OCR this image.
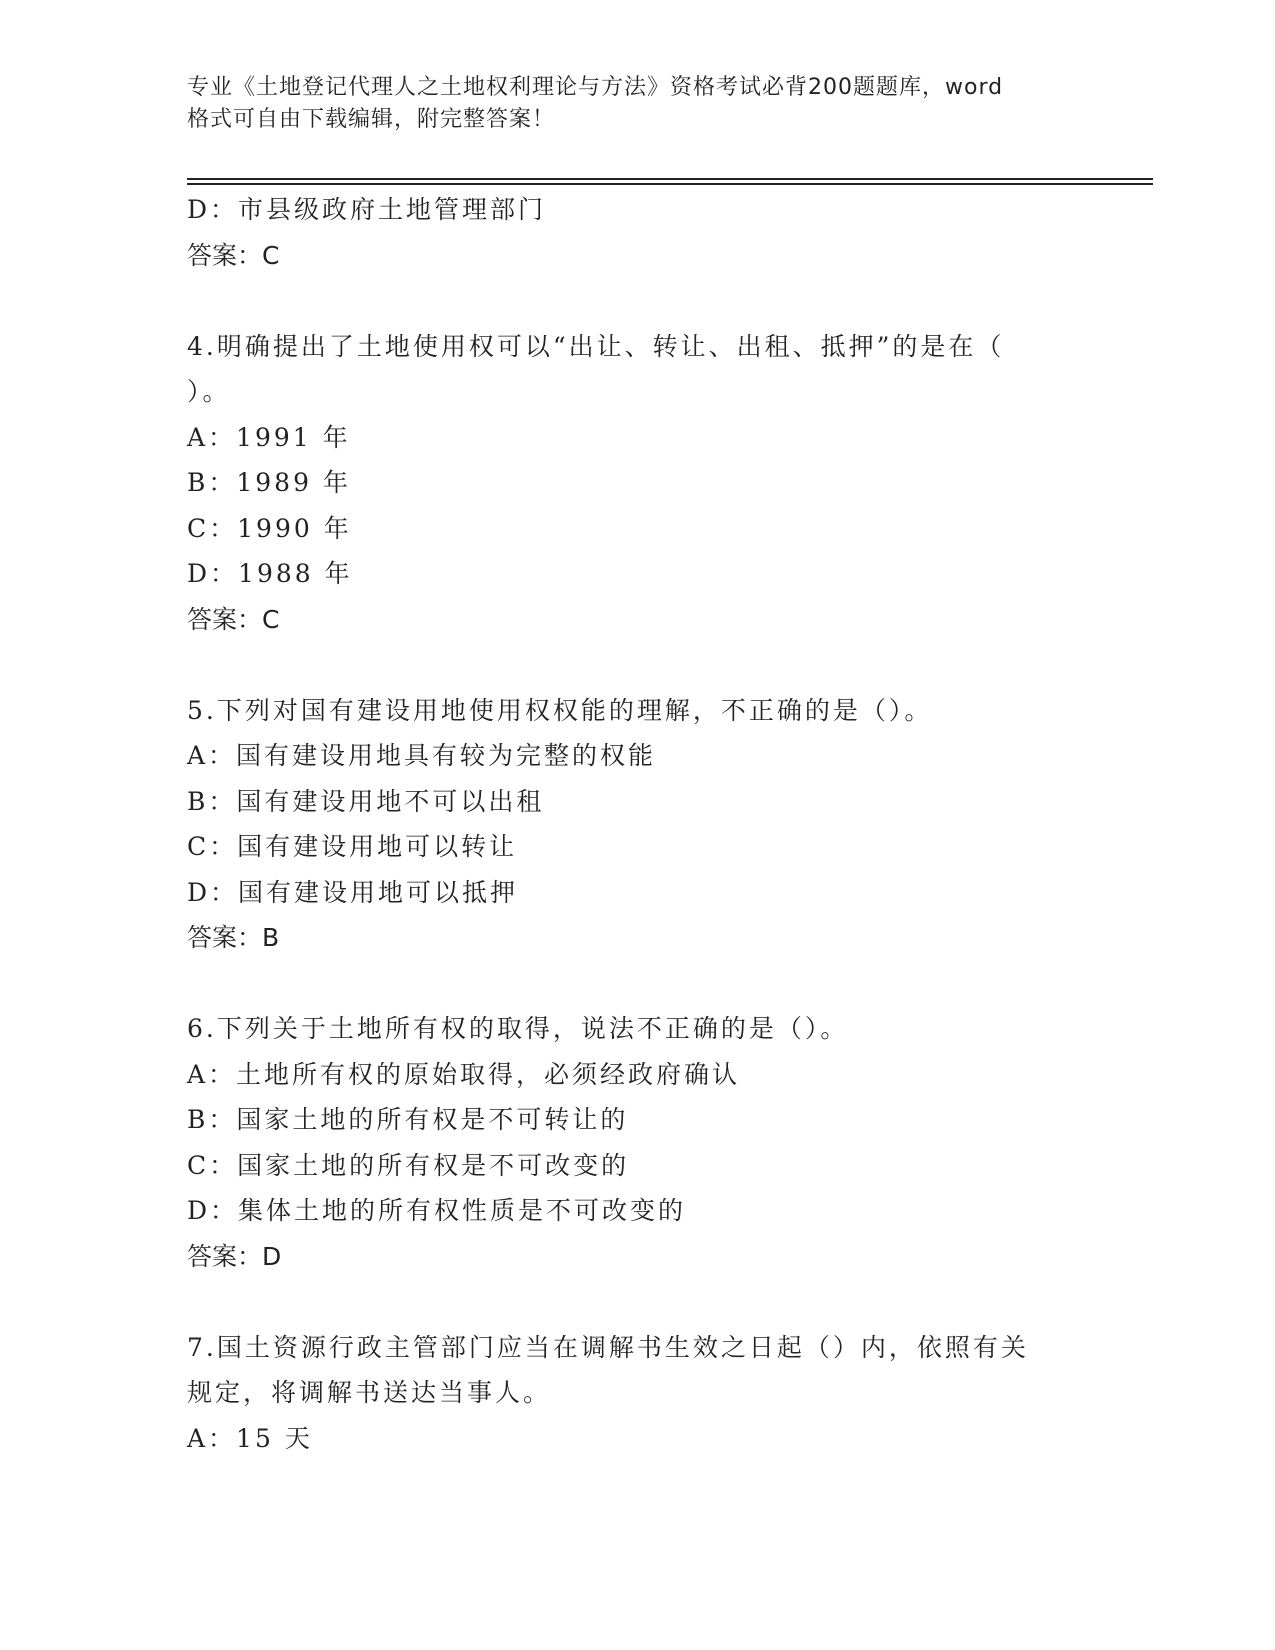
专业《土地登记代理人之土地权利理论与方法》资格考试必背200题题库，word
格式可自由下载编辑，附完整答案！
D：市县级政府土地管理部门
答案：C
4.明确提出了土地使用权可以“出让、转让、出租、抵押”的是在（
）。
A：1991 年
B：1989 年
C：1990 年
D：1988 年
答案：C
5.下列对国有建设用地使用权权能的理解，不正确的是（）。
A：国有建设用地具有较为完整的权能
B：国有建设用地不可以出租
C：国有建设用地可以转让
D：国有建设用地可以抵押
答案：B
6.下列关于土地所有权的取得，说法不正确的是（）。
A：土地所有权的原始取得，必须经政府确认
B：国家土地的所有权是不可转让的
C：国家土地的所有权是不可改变的
D：集体土地的所有权性质是不可改变的
答案：D
7.国土资源行政主管部门应当在调解书生效之日起（）内，依照有关
规定，将调解书送达当事人。
A：15 天
